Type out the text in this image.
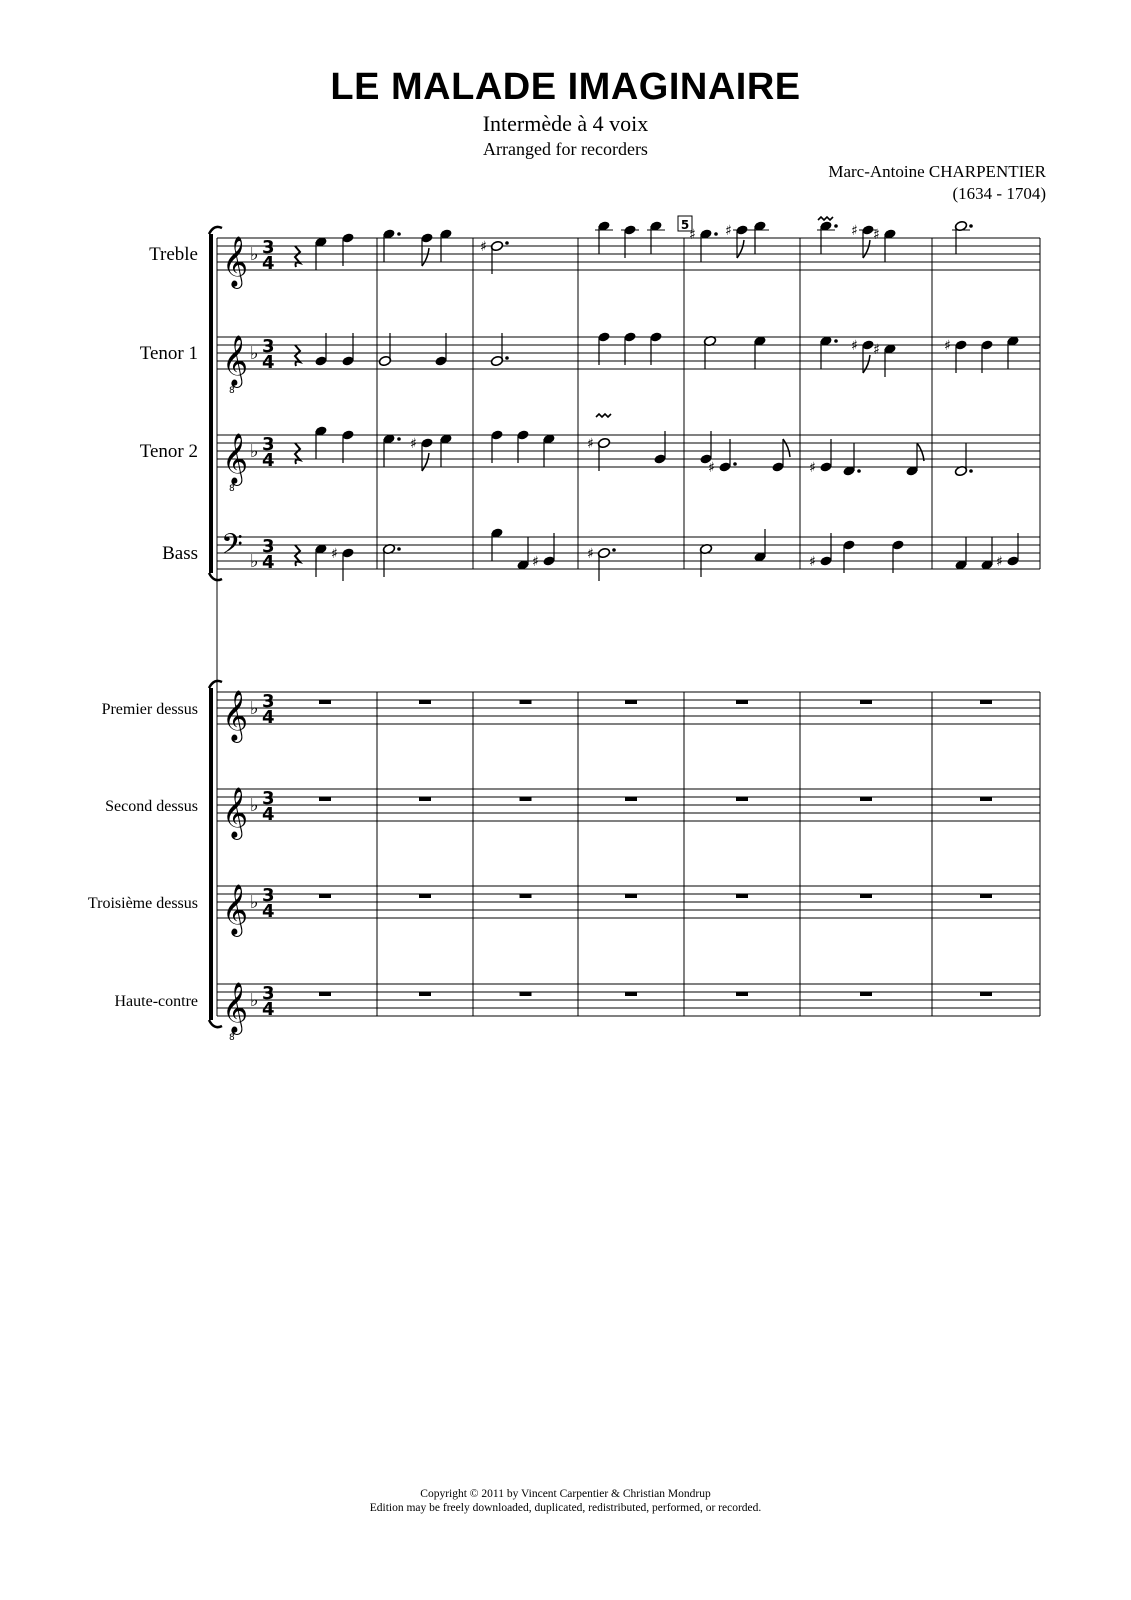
LE MALADE IMAGINAIRE
Intermède à 4 voix
Arranged for recorders
Marc-Antoine CHARPENTIER
(1634 - 1704)
Treble 𝄞 ♭ 3
4
Tenor 1 𝄞
8
♭ 3
4
Tenor 2 𝄞
8
♭ 3
4
Bass 𝄢 ♭
3
4
Premier dessus 𝄞 ♭ 3
4
Second dessus 𝄞 ♭ 3
4
Troisième dessus 𝄞 ♭ 3
4
Haute-contre 𝄞
8
♭ 3
4
5
♯
♯ ♯	♯ ♯
♯ ♯	♯
♯	♯
♯	♯
♯	♯	♯	♯	♯
Copyright © 2011 by Vincent Carpentier & Christian Mondrup
Edition may be freely downloaded, duplicated, redistributed, performed, or recorded.
